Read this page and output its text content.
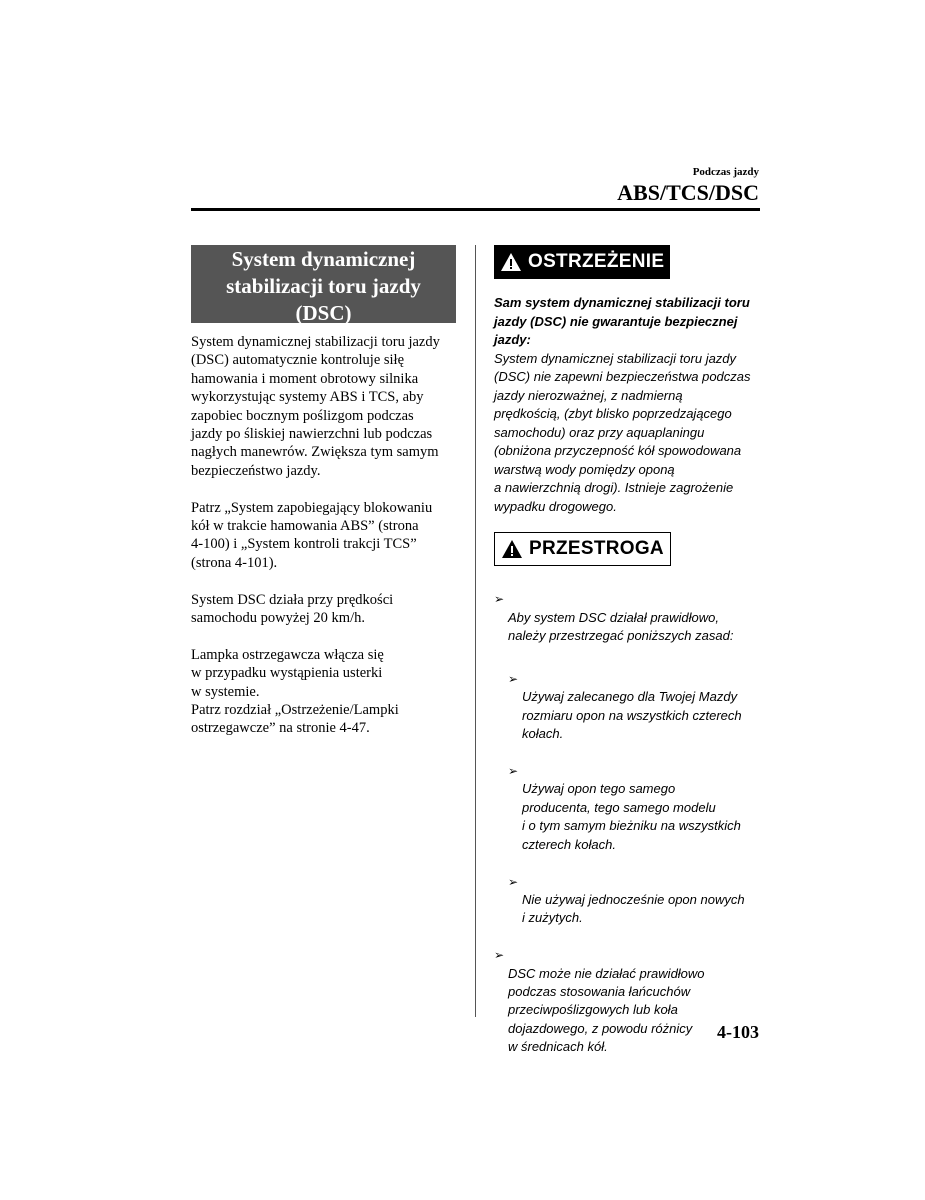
Podczas jazdy
ABS/TCS/DSC
System dynamicznej
stabilizacji toru jazdy
(DSC)

System dynamicznej stabilizacji toru jazdy
(DSC) automatycznie kontroluje siłę
hamowania i moment obrotowy silnika
wykorzystując systemy ABS i TCS, aby
zapobiec bocznym poślizgom podczas
jazdy po śliskiej nawierzchni lub podczas
nagłych manewrów. Zwiększa tym samym
bezpieczeństwo jazdy.

Patrz „System zapobiegający blokowaniu
kół w trakcie hamowania ABS” (strona
4-100) i „System kontroli trakcji TCS”
(strona 4-101).

System DSC działa przy prędkości
samochodu powyżej 20 km/h.

Lampka ostrzegawcza włącza się
w przypadku wystąpienia usterki
w systemie.
Patrz rozdział „Ostrzeżenie/Lampki
ostrzegawcze” na stronie 4-47.

OSTRZEŻENIE
Sam system dynamicznej stabilizacji toru
jazdy (DSC) nie gwarantuje bezpiecznej
jazdy:
System dynamicznej stabilizacji toru jazdy
(DSC) nie zapewni bezpieczeństwa podczas
jazdy nierozważnej, z nadmierną
prędkością, (zbyt blisko poprzedzającego
samochodu) oraz przy aquaplaningu
(obniżona przyczepność kół spowodowana
warstwą wody pomiędzy oponą
a nawierzchnią drogi). Istnieje zagrożenie
wypadku drogowego.
PRZESTROGA

➢

Aby system DSC działał prawidłowo,
należy przestrzegać poniższych zasad:

➢

Używaj zalecanego dla Twojej Mazdy
rozmiaru opon na wszystkich czterech
kołach.

➢

Używaj opon tego samego
producenta, tego samego modelu
i o tym samym bieżniku na wszystkich
czterech kołach.

➢

Nie używaj jednocześnie opon nowych
i zużytych.

➢

DSC może nie działać prawidłowo
podczas stosowania łańcuchów
przeciwpoślizgowych lub koła
dojazdowego, z powodu różnicy
w średnicach kół.

4-103
